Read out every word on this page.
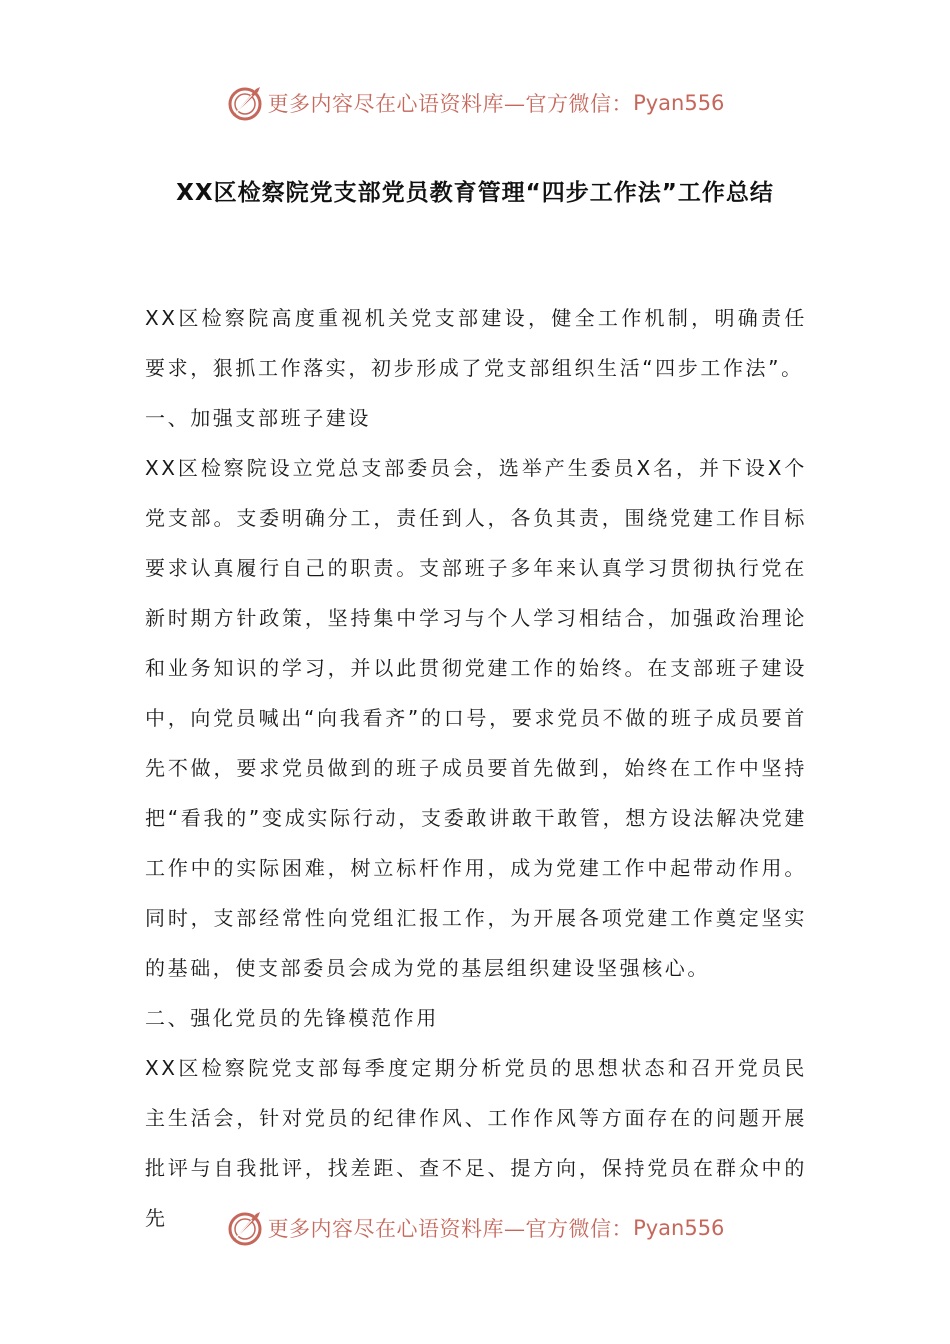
更多内容尽在心语资料库—官方微信： Pyan556
XX区检察院党支部党员教育管理“四步工作法”工作总结

XX区检察院高度重视机关党支部建设，健全工作机制，明确责任要求，狠抓工作落实，初步形成了党支部组织生活“四步工作法”。

一、加强支部班子建设

XX区检察院设立党总支部委员会，选举产生委员X名，并下设X个党支部。支委明确分工，责任到人，各负其责，围绕党建工作目标要求认真履行自己的职责。支部班子多年来认真学习贯彻执行党在新时期方针政策，坚持集中学习与个人学习相结合，加强政治理论和业务知识的学习，并以此贯彻党建工作的始终。在支部班子建设中，向党员喊出“向我看齐”的口号，要求党员不做的班子成员要首先不做，要求党员做到的班子成员要首先做到，始终在工作中坚持把“看我的”变成实际行动，支委敢讲敢干敢管，想方设法解决党建工作中的实际困难，树立标杆作用，成为党建工作中起带动作用。同时，支部经常性向党组汇报工作，为开展各项党建工作奠定坚实的基础，使支部委员会成为党的基层组织建设坚强核心。

二、强化党员的先锋模范作用

XX区检察院党支部每季度定期分析党员的思想状态和召开党员民主生活会，针对党员的纪律作风、工作作风等方面存在的问题开展批评与自我批评，找差距、查不足、提方向，保持党员在群众中的先	更多内容尽在心语资料库—官方微信： Pyan556
